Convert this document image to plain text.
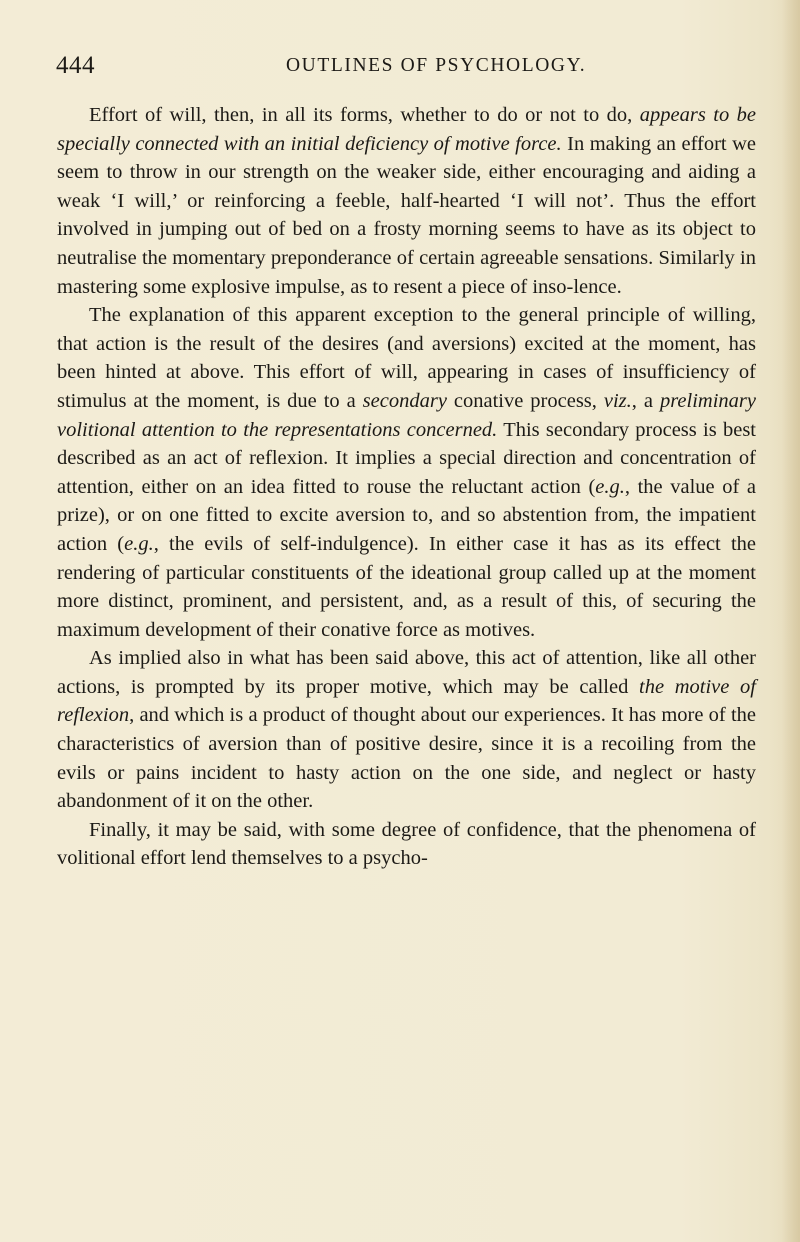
444	OUTLINES OF PSYCHOLOGY.

Effort of will, then, in all its forms, whether to do or not to do, appears to be specially connected with an initial deficiency of motive force. In making an effort we seem to throw in our strength on the weaker side, either encouraging and aiding a weak ‘I will,’ or reinforcing a feeble, half-hearted ‘I will not’. Thus the effort involved in jumping out of bed on a frosty morning seems to have as its object to neutralise the momentary preponderance of certain agreeable sensations. Similarly in mastering some explosive impulse, as to resent a piece of inso-lence.

The explanation of this apparent exception to the general principle of willing, that action is the result of the desires (and aversions) excited at the moment, has been hinted at above. This effort of will, appearing in cases of insufficiency of stimulus at the moment, is due to a secondary conative process, viz., a preliminary volitional attention to the representations concerned. This secondary process is best described as an act of reflexion. It implies a special direction and concentration of attention, either on an idea fitted to rouse the reluctant action (e.g., the value of a prize), or on one fitted to excite aversion to, and so abstention from, the impatient action (e.g., the evils of self-indulgence). In either case it has as its effect the rendering of particular constituents of the ideational group called up at the moment more distinct, prominent, and persistent, and, as a result of this, of securing the maximum development of their conative force as motives.

As implied also in what has been said above, this act of attention, like all other actions, is prompted by its proper motive, which may be called the motive of reflexion, and which is a product of thought about our experiences. It has more of the characteristics of aversion than of positive desire, since it is a recoiling from the evils or pains incident to hasty action on the one side, and neglect or hasty abandonment of it on the other.

Finally, it may be said, with some degree of confidence, that the phenomena of volitional effort lend themselves to a psycho-
